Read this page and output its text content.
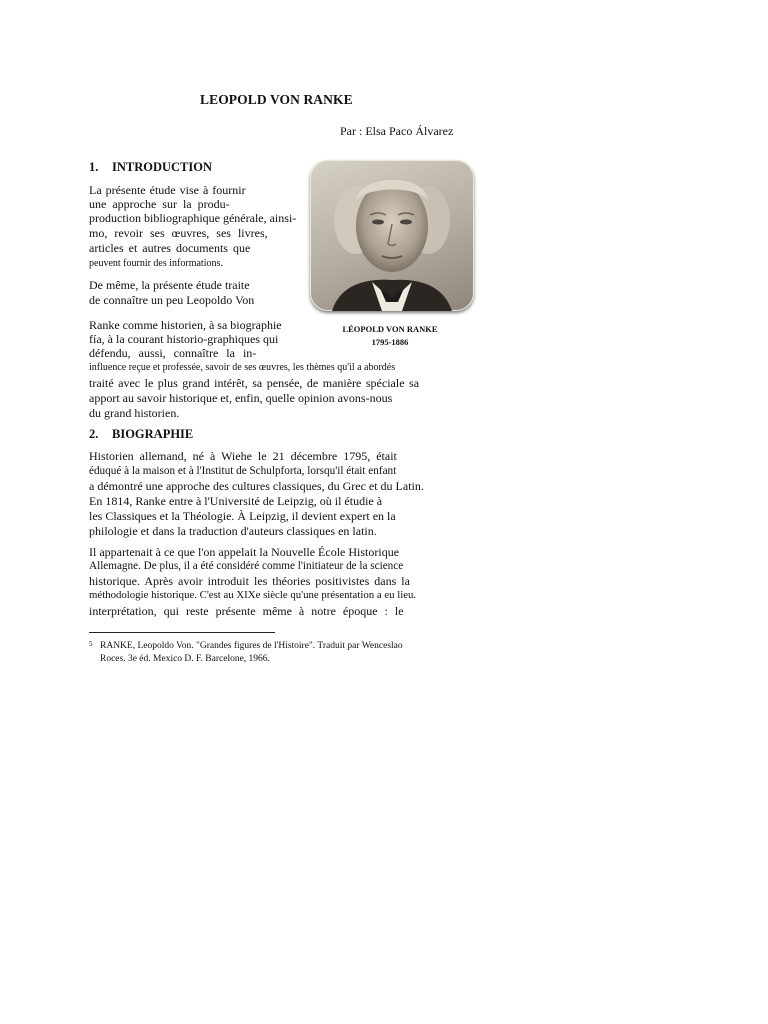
LEOPOLD VON RANKE
Par : Elsa Paco Álvarez
1. INTRODUCTION
La présente étude vise à fournir
une approche sur la produ-
production bibliographique générale, ainsi-
mo, revoir ses œuvres, ses livres,
articles et autres documents que
peuvent fournir des informations.
De même, la présente étude traite
de connaître un peu Leopoldo Von
Ranke comme historien, à sa biographie
fía, à la courant historio-graphiques qui
défendu, aussi, connaître la in-
influence reçue et professée, savoir de ses œuvres, les thèmes qu'il a abordés
traité avec le plus grand intérêt, sa pensée, de manière spéciale sa
apport au savoir historique et, enfin, quelle opinion avons-nous
du grand historien.
LÉOPOLD VON RANKE
1795-1886
2. BIOGRAPHIE
Historien allemand, né à Wiehe le 21 décembre 1795, était
éduqué à la maison et à l'Institut de Schulpforta, lorsqu'il était enfant
a démontré une approche des cultures classiques, du Grec et du Latin.
En 1814, Ranke entre à l'Université de Leipzig, où il étudie à
les Classiques et la Théologie. À Leipzig, il devient expert en la
philologie et dans la traduction d'auteurs classiques en latin.
Il appartenait à ce que l'on appelait la Nouvelle École Historique
Allemagne. De plus, il a été considéré comme l'initiateur de la science
historique. Après avoir introduit les théories positivistes dans la
méthodologie historique. C'est au XIXe siècle qu'une présentation a eu lieu.
interprétation, qui reste présente même à notre époque : le
5 RANKE, Leopoldo Von. "Grandes figures de l'Histoire". Traduit par Wenceslao
Roces. 3e éd. Mexico D. F. Barcelone, 1966.
